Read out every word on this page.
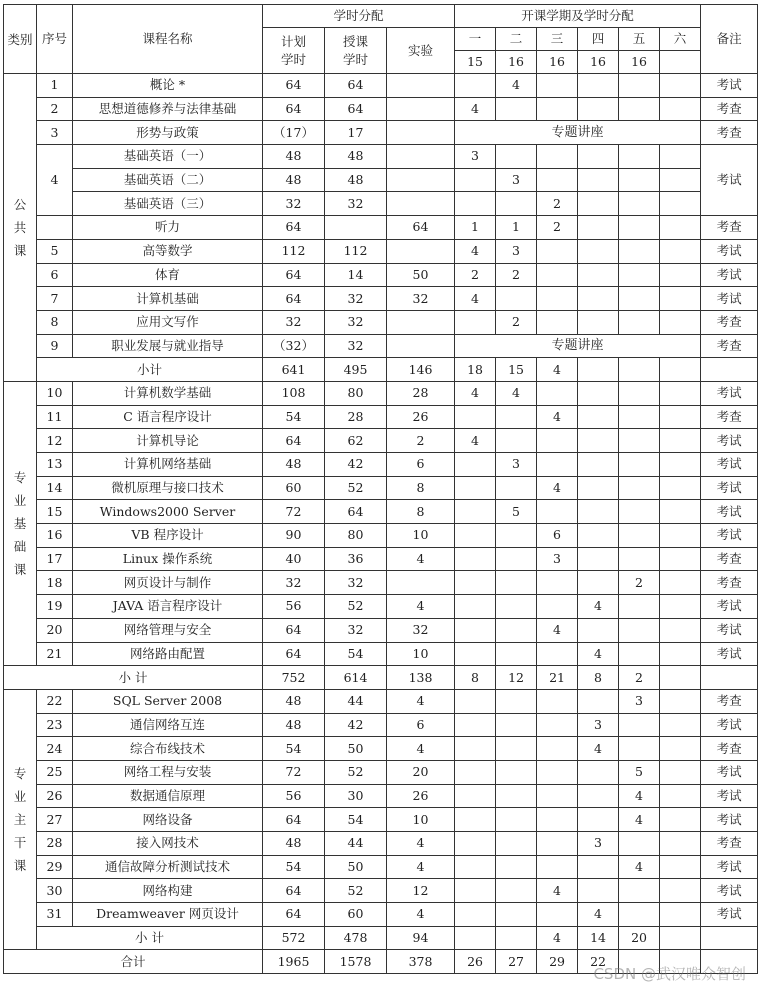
类别	序号	课程名称	学时分配			开课学期及学时分配						备注

			计划学时	授课学时	实验	一	二	三	四	五	六	
						15	16	16	16	16		

公共课	1	概论 *	64	64			4					考试
	2	思想道德修养与法律基础	64	64		4						考查
	3	形势与政策	（17）	17		专题讲座						考查
	4	基础英语（一）	48	48		3						考试
		基础英语（二）	48	48			3					
		基础英语（三）	32	32				2				
		听力	64		64	1	1	2				考查
	5	高等数学	112	112		4	3					考试
	6	体育	64	14	50	2	2					考试
	7	计算机基础	64	32	32	4						考试
	8	应用文写作	32	32			2					考查
	9	职业发展与就业指导	（32）	32		专题讲座						考查
	小计		641	495	146	18	15	4				

专业基础课	10	计算机数学基础	108	80	28	4	4					考试
	11	C 语言程序设计	54	28	26			4				考查
	12	计算机导论	64	62	2	4						考试
	13	计算机网络基础	48	42	6		3					考试
	14	微机原理与接口技术	60	52	8			4				考试
	15	Windows2000 Server	72	64	8		5					考试
	16	VB 程序设计	90	80	10			6				考试
	17	Linux 操作系统	40	36	4			3				考查
	18	网页设计与制作	32	32						2		考查
	19	JAVA 语言程序设计	56	52	4				4			考试
	20	网络管理与安全	64	32	32			4				考试
	21	网络路由配置	64	54	10				4			考试
小 计			752	614	138	8	12	21	8	2		

专业主干课	22	SQL Server 2008	48	44	4					3		考查
	23	通信网络互连	48	42	6				3			考试
	24	综合布线技术	54	50	4				4			考查
	25	网络工程与安装	72	52	20					5		考试
	26	数据通信原理	56	30	26					4		考试
	27	网络设备	64	54	10					4		考试
	28	接入网技术	48	44	4				3			考查
	29	通信故障分析测试技术	54	50	4					4		考试
	30	网络构建	64	52	12			4				考试
	31	Dreamweaver 网页设计	64	60	4				4			考试
	小 计		572	478	94			4	14	20		
合计			1965	1578	378	26	27	29	22			
CSDN @武汉唯众智创
